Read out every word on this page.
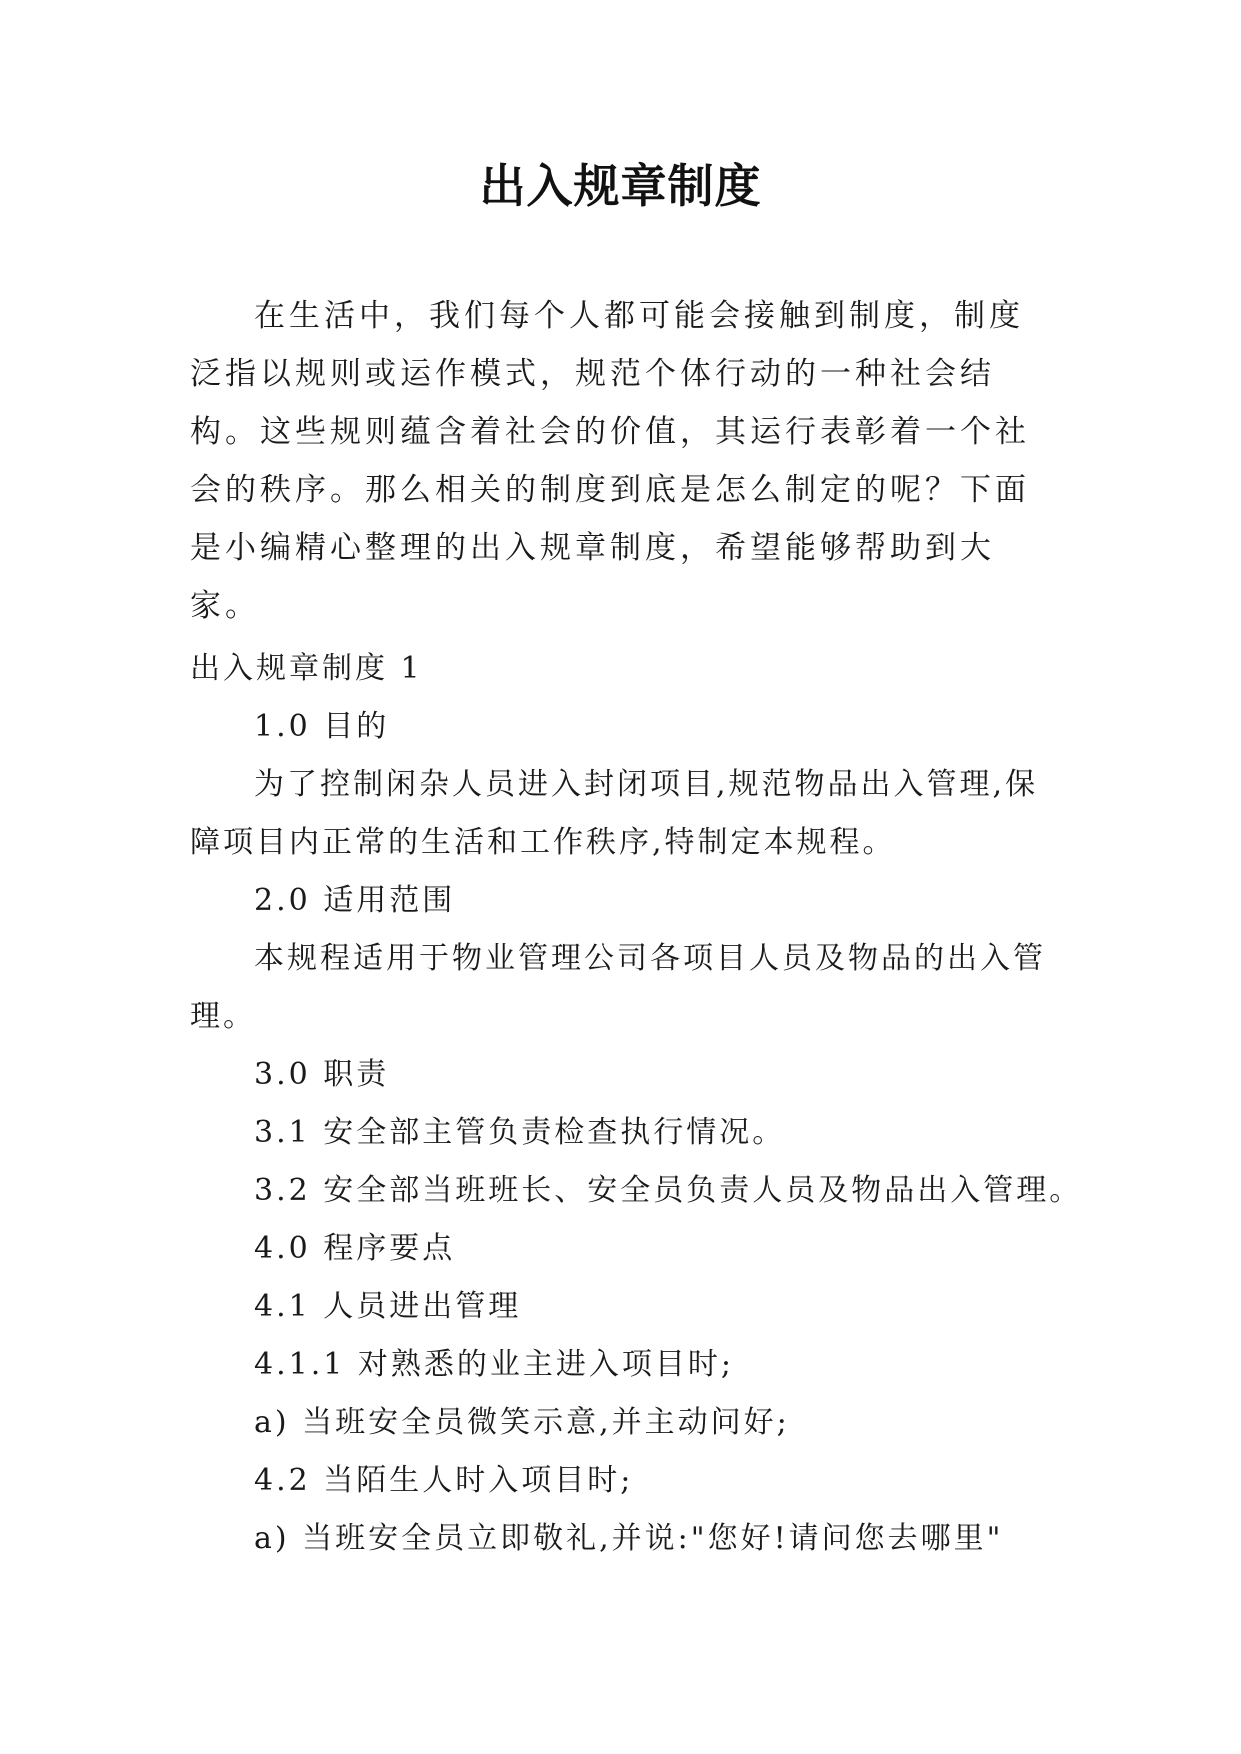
出入规章制度

在生活中，我们每个人都可能会接触到制度，制度泛指以规则或运作模式，规范个体行动的一种社会结构。这些规则蕴含着社会的价值，其运行表彰着一个社会的秩序。那么相关的制度到底是怎么制定的呢？下面是小编精心整理的出入规章制度，希望能够帮助到大家。

出入规章制度 1

1.0 目的

为了控制闲杂人员进入封闭项目,规范物品出入管理,保障项目内正常的生活和工作秩序,特制定本规程。

2.0 适用范围

本规程适用于物业管理公司各项目人员及物品的出入管理。

3.0 职责

3.1 安全部主管负责检查执行情况。

3.2 安全部当班班长、安全员负责人员及物品出入管理。

4.0 程序要点

4.1 人员进出管理

4.1.1 对熟悉的业主进入项目时;

a) 当班安全员微笑示意,并主动问好;

4.2 当陌生人时入项目时;

a) 当班安全员立即敬礼,并说:"您好!请问您去哪里"
